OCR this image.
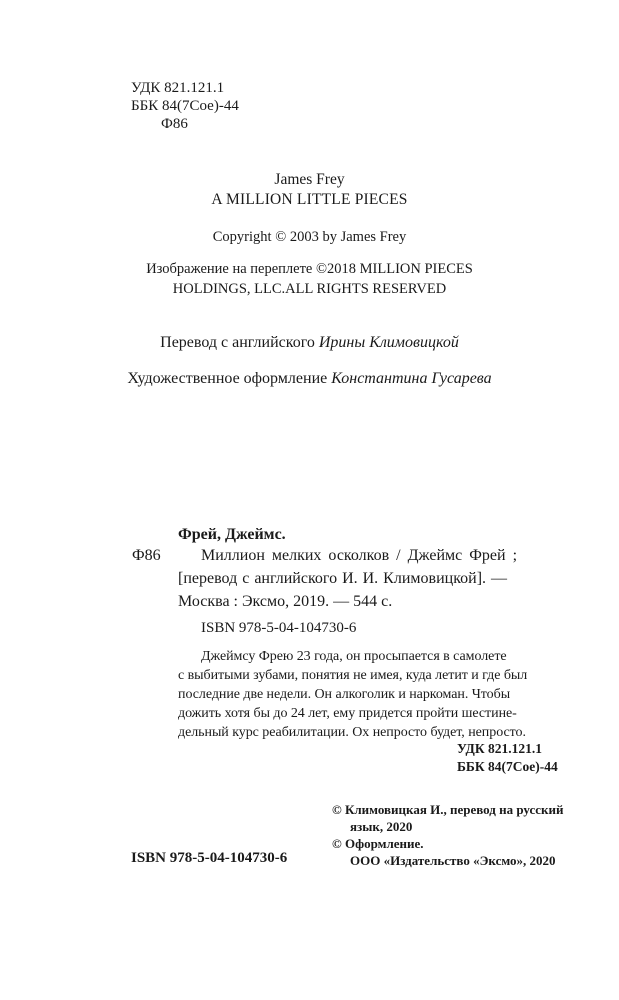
УДК 821.121.1
ББК 84(7Сое)-44
Ф86
James Frey
A MILLION LITTLE PIECES
Copyright © 2003 by James Frey
Изображение на переплете ©2018 MILLION PIECES
HOLDINGS, LLC.ALL RIGHTS RESERVED
Перевод с английского Ирины Климовицкой
Художественное оформление Константина Гусарева
Фрей, Джеймс.
Ф86	Миллион мелких осколков / Джеймс Фрей ;
[перевод с английского И. И. Климовицкой]. —
Москва : Эксмо, 2019. — 544 с.
ISBN 978-5-04-104730-6
Джеймсу Фрею 23 года, он просыпается в самолете
с выбитыми зубами, понятия не имея, куда летит и где был
последние две недели. Он алкоголик и наркоман. Чтобы
дожить хотя бы до 24 лет, ему придется пройти шестине-
дельный курс реабилитации. Ох непросто будет, непросто.
УДК 821.121.1
ББК 84(7Сое)-44
© Климовицкая И., перевод на русский
язык, 2020
© Оформление.
ООО «Издательство «Эксмо», 2020
ISBN 978-5-04-104730-6
